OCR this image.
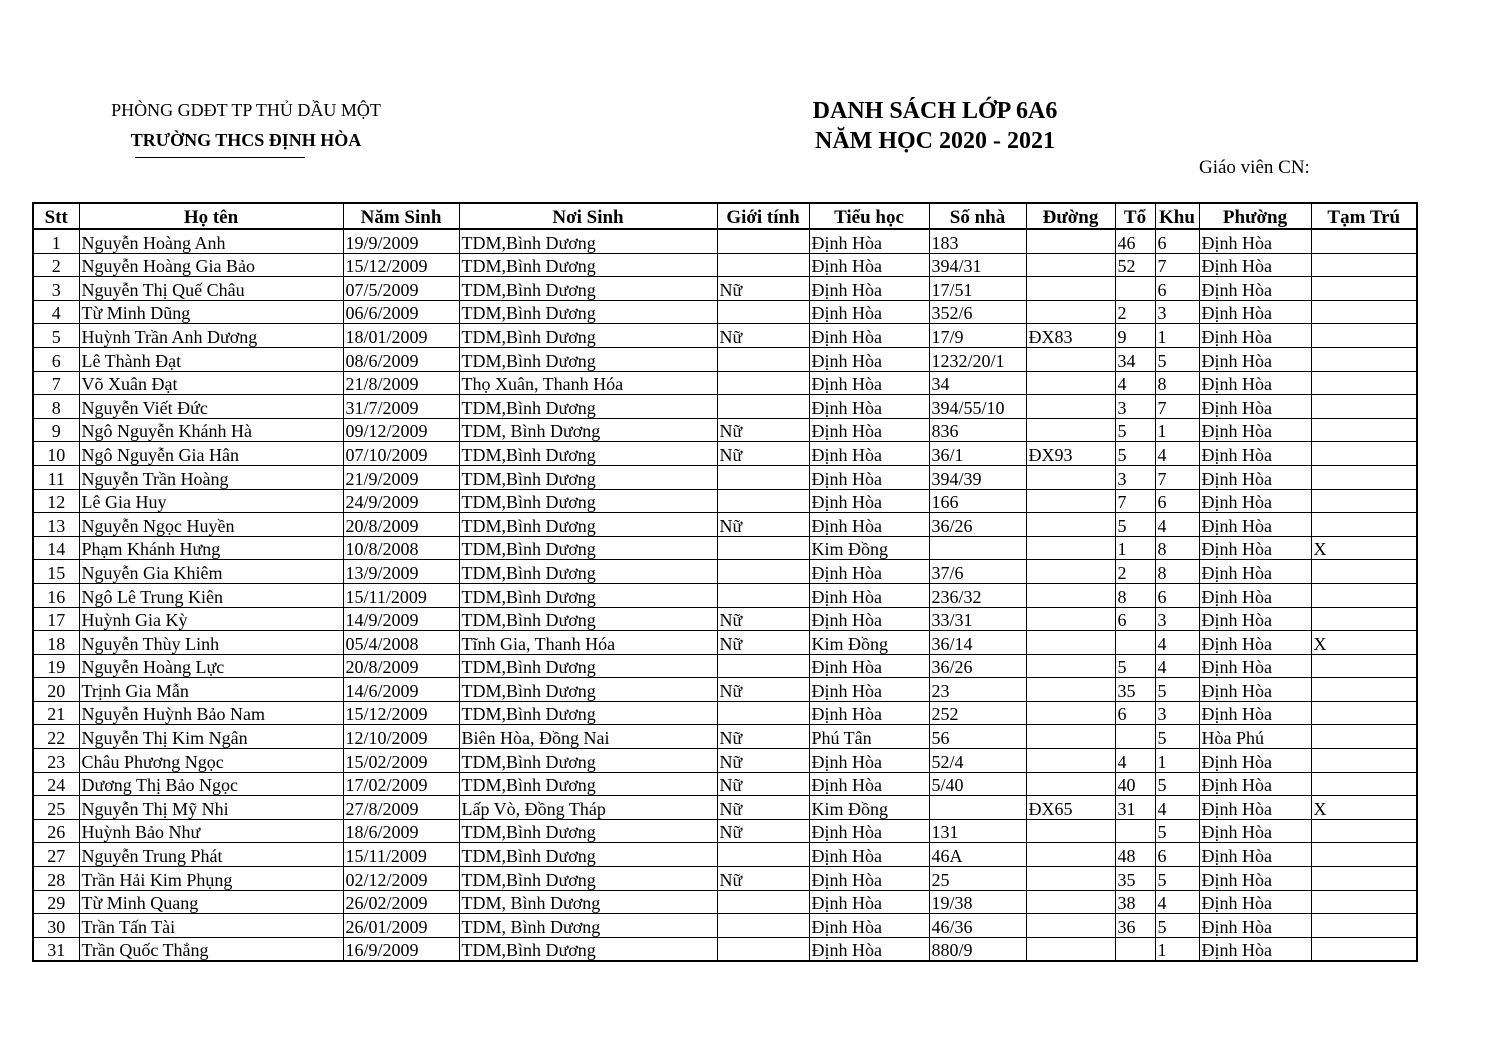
PHÒNG GDĐT TP THỦ DẦU MỘT
TRƯỜNG THCS ĐỊNH HÒA
DANH SÁCH LỚP 6A6
NĂM HỌC 2020 - 2021
Giáo viên CN:
Stt	Họ tên	Năm Sinh	Nơi Sinh	Giới tính	Tiểu học	Số nhà	Đường	Tổ	Khu	Phường	Tạm Trú
1	Nguyễn Hoàng Anh	19/9/2009	TDM,Bình Dương		Định Hòa	183		46	6	Định Hòa	
2	Nguyễn Hoàng Gia Bảo	15/12/2009	TDM,Bình Dương		Định Hòa	394/31		52	7	Định Hòa	
3	Nguyễn Thị Quế Châu	07/5/2009	TDM,Bình Dương	Nữ	Định Hòa	17/51			6	Định Hòa	
4	Từ Minh Dũng	06/6/2009	TDM,Bình Dương		Định Hòa	352/6		2	3	Định Hòa	
5	Huỳnh Trần Anh Dương	18/01/2009	TDM,Bình Dương	Nữ	Định Hòa	17/9	ĐX83	9	1	Định Hòa	
6	Lê Thành Đạt	08/6/2009	TDM,Bình Dương		Định Hòa	1232/20/1		34	5	Định Hòa	
7	Võ Xuân Đạt	21/8/2009	Thọ Xuân, Thanh Hóa		Định Hòa	34		4	8	Định Hòa	
8	Nguyễn Viết Đức	31/7/2009	TDM,Bình Dương		Định Hòa	394/55/10		3	7	Định Hòa	
9	Ngô Nguyễn Khánh Hà	09/12/2009	TDM, Bình Dương	Nữ	Định Hòa	836		5	1	Định Hòa	
10	Ngô Nguyễn Gia Hân	07/10/2009	TDM,Bình Dương	Nữ	Định Hòa	36/1	ĐX93	5	4	Định Hòa	
11	Nguyễn Trần Hoàng	21/9/2009	TDM,Bình Dương		Định Hòa	394/39		3	7	Định Hòa	
12	Lê Gia Huy	24/9/2009	TDM,Bình Dương		Định Hòa	166		7	6	Định Hòa	
13	Nguyễn Ngọc Huyền	20/8/2009	TDM,Bình Dương	Nữ	Định Hòa	36/26		5	4	Định Hòa	
14	Phạm Khánh Hưng	10/8/2008	TDM,Bình Dương		Kim Đồng			1	8	Định Hòa	X
15	Nguyễn Gia Khiêm	13/9/2009	TDM,Bình Dương		Định Hòa	37/6		2	8	Định Hòa	
16	Ngô Lê Trung Kiên	15/11/2009	TDM,Bình Dương		Định Hòa	236/32		8	6	Định Hòa	
17	Huỳnh Gia Kỳ	14/9/2009	TDM,Bình Dương	Nữ	Định Hòa	33/31		6	3	Định Hòa	
18	Nguyễn Thùy Linh	05/4/2008	Tĩnh Gia, Thanh Hóa	Nữ	Kim Đồng	36/14			4	Định Hòa	X
19	Nguyễn Hoàng Lực	20/8/2009	TDM,Bình Dương		Định Hòa	36/26		5	4	Định Hòa	
20	Trịnh Gia Mẫn	14/6/2009	TDM,Bình Dương	Nữ	Định Hòa	23		35	5	Định Hòa	
21	Nguyễn Huỳnh Bảo Nam	15/12/2009	TDM,Bình Dương		Định Hòa	252		6	3	Định Hòa	
22	Nguyễn Thị Kim Ngân	12/10/2009	Biên Hòa, Đồng Nai	Nữ	Phú Tân	56			5	Hòa Phú	
23	Châu Phương Ngọc	15/02/2009	TDM,Bình Dương	Nữ	Định Hòa	52/4		4	1	Định Hòa	
24	Dương Thị Bảo Ngọc	17/02/2009	TDM,Bình Dương	Nữ	Định Hòa	5/40		40	5	Định Hòa	
25	Nguyễn Thị Mỹ Nhi	27/8/2009	Lấp Vò, Đồng Tháp	Nữ	Kim Đồng		ĐX65	31	4	Định Hòa	X
26	Huỳnh Bảo Như	18/6/2009	TDM,Bình Dương	Nữ	Định Hòa	131			5	Định Hòa	
27	Nguyễn Trung Phát	15/11/2009	TDM,Bình Dương		Định Hòa	46A		48	6	Định Hòa	
28	Trần Hải Kim Phụng	02/12/2009	TDM,Bình Dương	Nữ	Định Hòa	25		35	5	Định Hòa	
29	Từ Minh Quang	26/02/2009	TDM, Bình Dương		Định Hòa	19/38		38	4	Định Hòa	
30	Trần Tấn Tài	26/01/2009	TDM, Bình Dương		Định Hòa	46/36		36	5	Định Hòa	
31	Trần Quốc Thắng	16/9/2009	TDM,Bình Dương		Định Hòa	880/9			1	Định Hòa	
